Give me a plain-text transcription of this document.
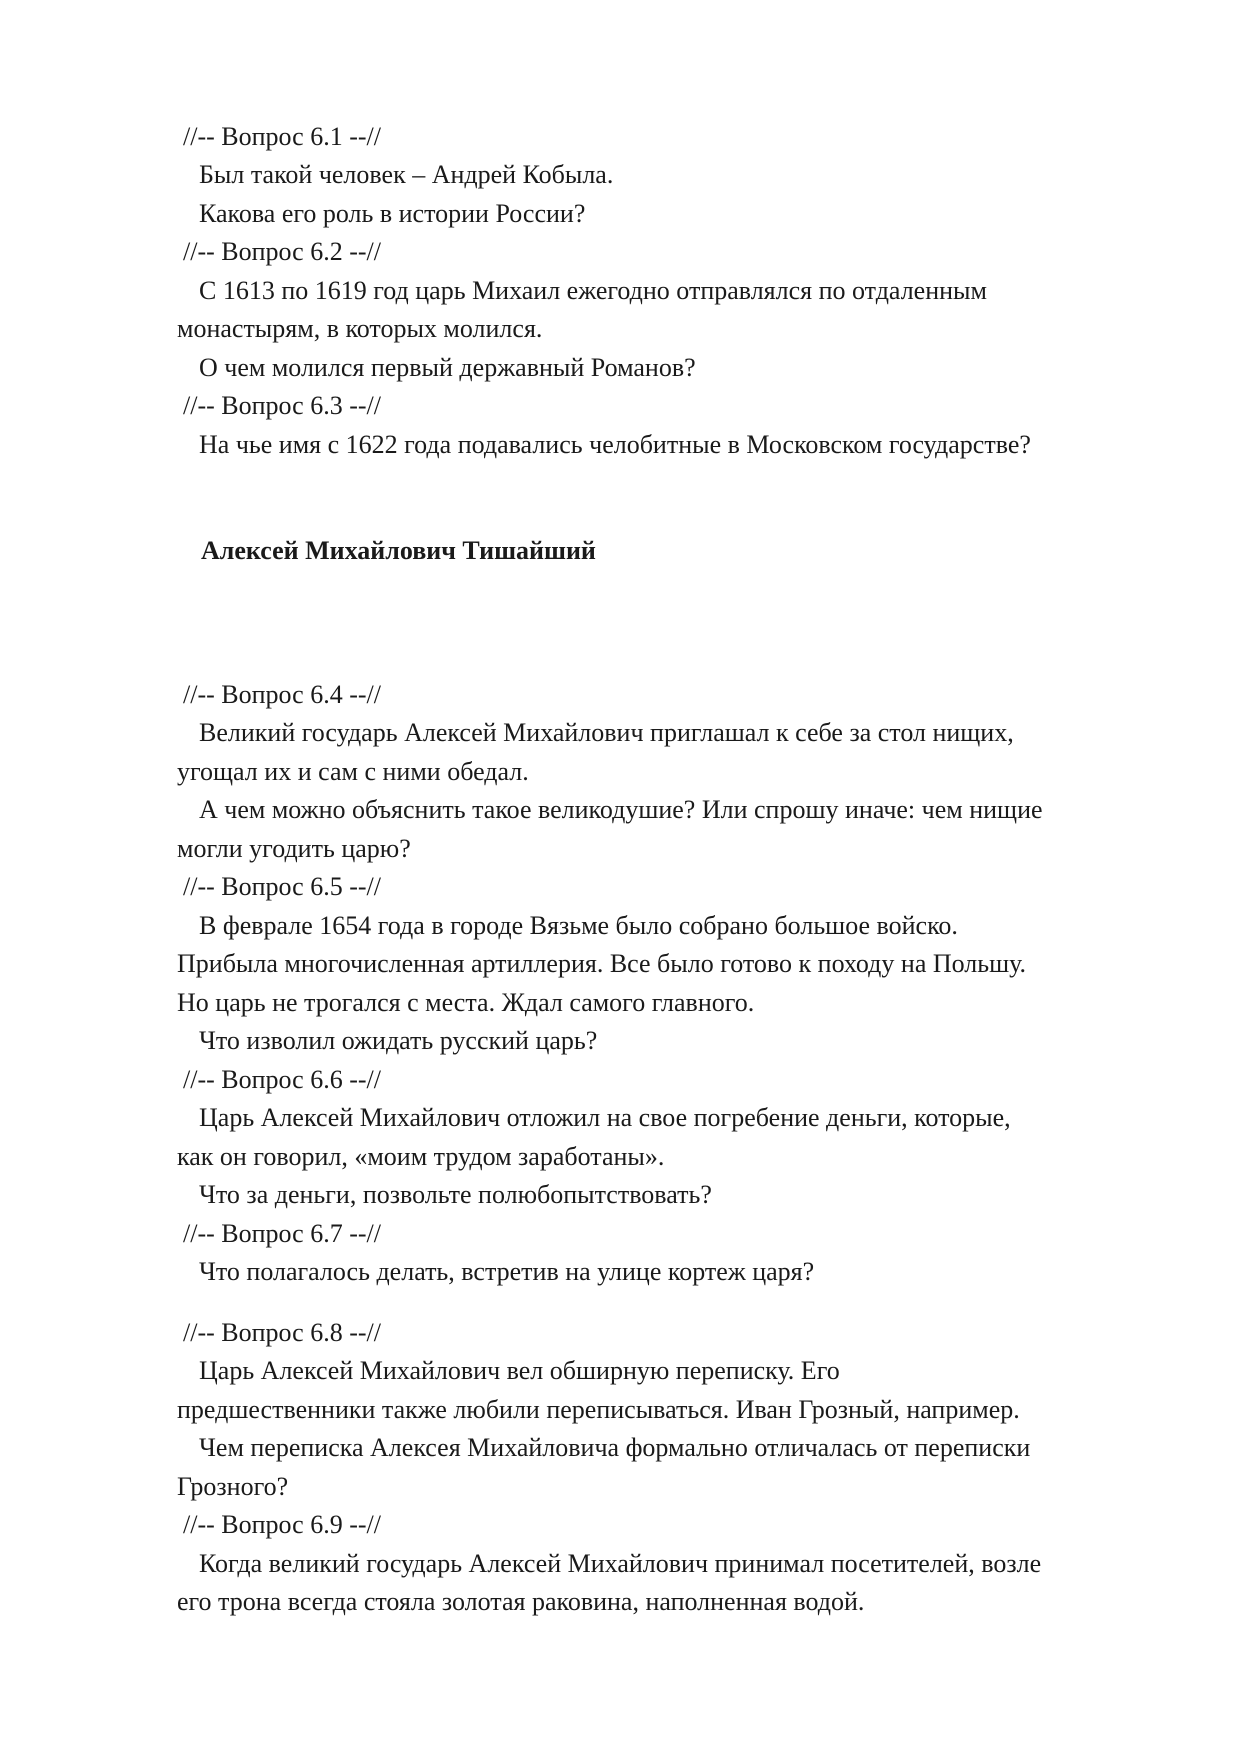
//-- Вопрос 6.1 --//
Был такой человек – Андрей Кобыла.
Какова его роль в истории России?
//-- Вопрос 6.2 --//
С 1613 по 1619 год царь Михаил ежегодно отправлялся по отдаленным
монастырям, в которых молился.
О чем молился первый державный Романов?
//-- Вопрос 6.3 --//
На чье имя с 1622 года подавались челобитные в Московском государстве?
Алексей Михайлович Тишайший
//-- Вопрос 6.4 --//
Великий государь Алексей Михайлович приглашал к себе за стол нищих,
угощал их и сам с ними обедал.
А чем можно объяснить такое великодушие? Или спрошу иначе: чем нищие
могли угодить царю?
//-- Вопрос 6.5 --//
В феврале 1654 года в городе Вязьме было собрано большое войско.
Прибыла многочисленная артиллерия. Все было готово к походу на Польшу.
Но царь не трогался с места. Ждал самого главного.
Что изволил ожидать русский царь?
//-- Вопрос 6.6 --//
Царь Алексей Михайлович отложил на свое погребение деньги, которые,
как он говорил, «моим трудом заработаны».
Что за деньги, позвольте полюбопытствовать?
//-- Вопрос 6.7 --//
Что полагалось делать, встретив на улице кортеж царя?
//-- Вопрос 6.8 --//
Царь Алексей Михайлович вел обширную переписку. Его
предшественники также любили переписываться. Иван Грозный, например.
Чем переписка Алексея Михайловича формально отличалась от переписки
Грозного?
//-- Вопрос 6.9 --//
Когда великий государь Алексей Михайлович принимал посетителей, возле
его трона всегда стояла золотая раковина, наполненная водой.
